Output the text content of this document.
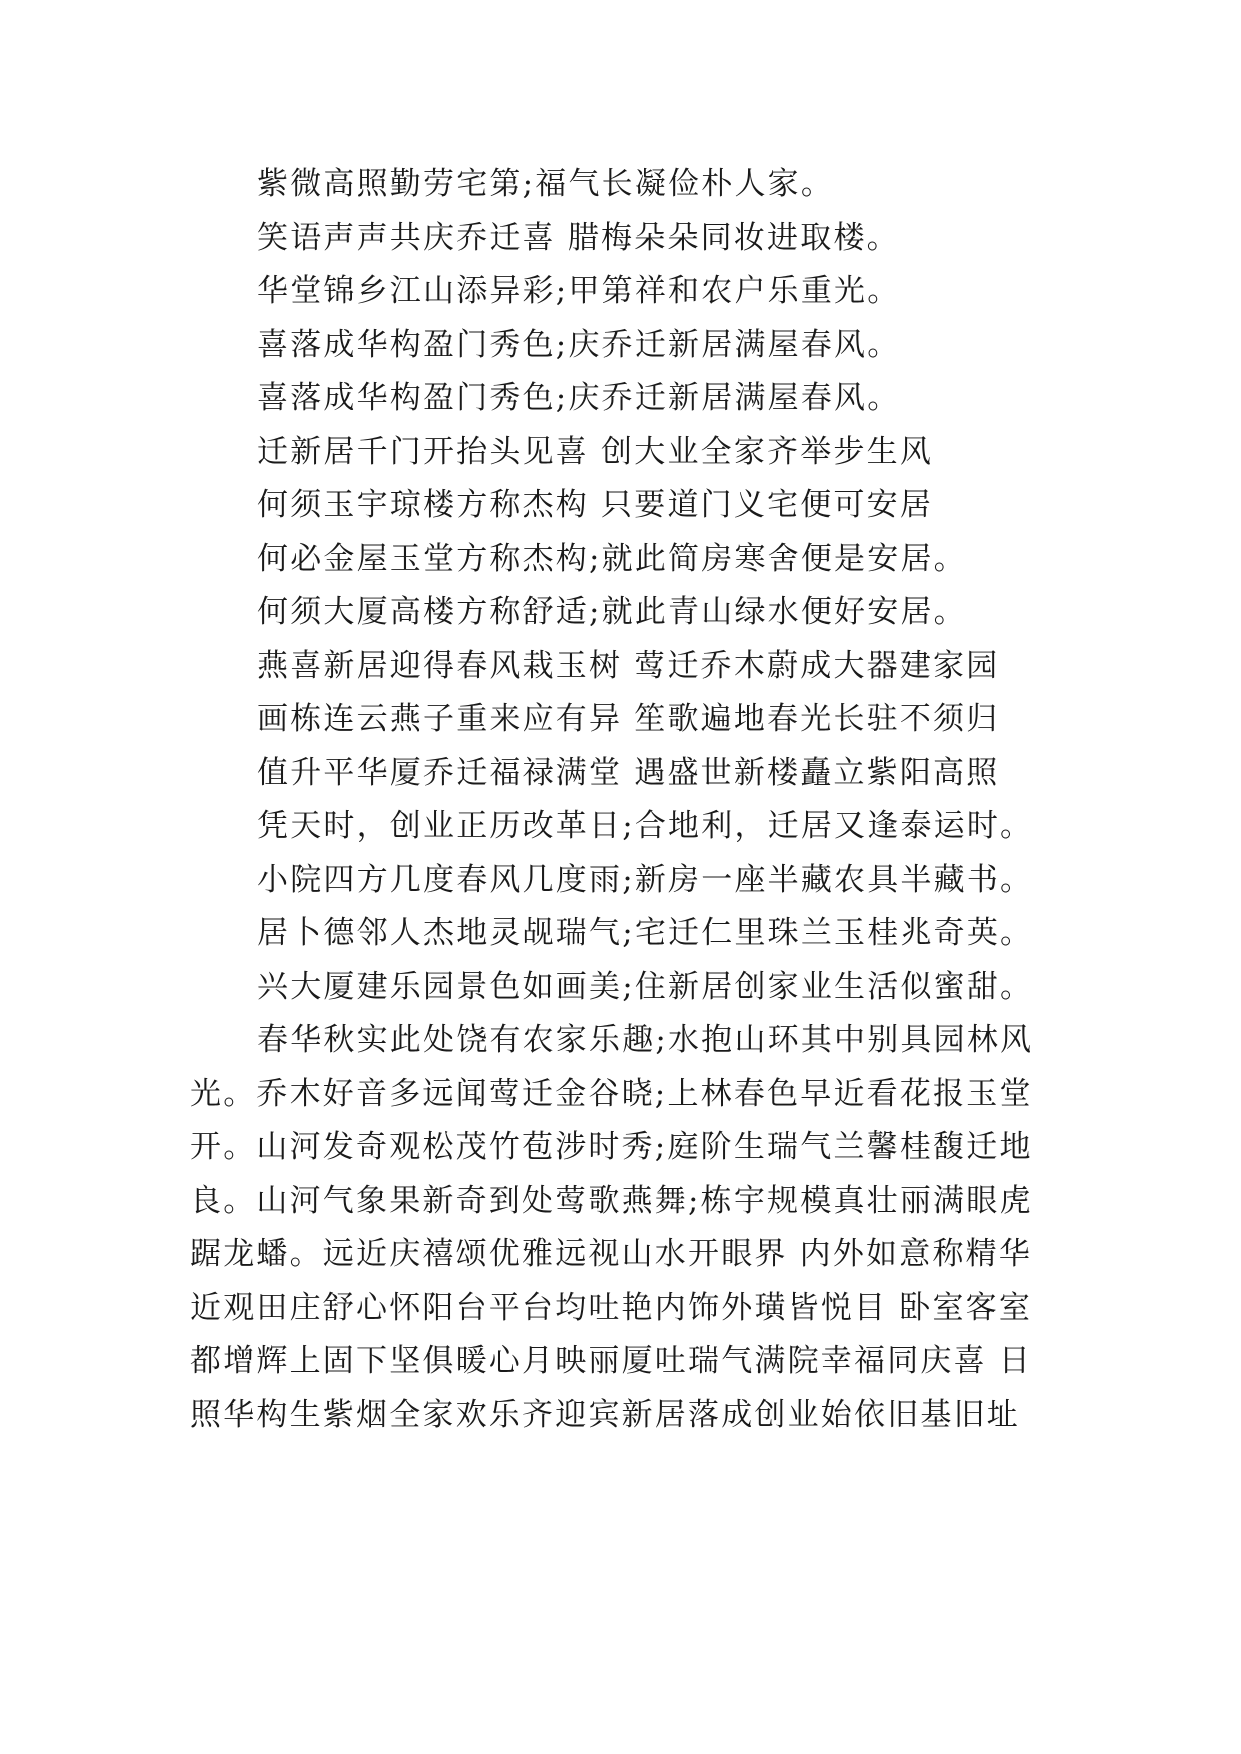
紫微高照勤劳宅第;福气长凝俭朴人家。
笑语声声共庆乔迁喜 腊梅朵朵同妆进取楼。
华堂锦乡江山添异彩;甲第祥和农户乐重光。
喜落成华构盈门秀色;庆乔迁新居满屋春风。
喜落成华构盈门秀色;庆乔迁新居满屋春风。
迁新居千门开抬头见喜 创大业全家齐举步生风
何须玉宇琼楼方称杰构 只要道门义宅便可安居
何必金屋玉堂方称杰构;就此简房寒舍便是安居。
何须大厦高楼方称舒适;就此青山绿水便好安居。
燕喜新居迎得春风栽玉树 莺迁乔木蔚成大器建家园
画栋连云燕子重来应有异 笙歌遍地春光长驻不须归
值升平华厦乔迁福禄满堂 遇盛世新楼矗立紫阳高照
凭天时，创业正历改革日;合地利，迁居又逢泰运时。
小院四方几度春风几度雨;新房一座半藏农具半藏书。
居卜德邻人杰地灵觇瑞气;宅迁仁里珠兰玉桂兆奇英。
兴大厦建乐园景色如画美;住新居创家业生活似蜜甜。
春华秋实此处饶有农家乐趣;水抱山环其中别具园林风
光。乔木好音多远闻莺迁金谷晓;上林春色早近看花报玉堂
开。山河发奇观松茂竹苞涉时秀;庭阶生瑞气兰馨桂馥迁地
良。山河气象果新奇到处莺歌燕舞;栋宇规模真壮丽满眼虎
踞龙蟠。远近庆禧颂优雅远视山水开眼界 内外如意称精华
近观田庄舒心怀阳台平台均吐艳内饰外璜皆悦目 卧室客室
都增辉上固下坚俱暖心月映丽厦吐瑞气满院幸福同庆喜 日
照华构生紫烟全家欢乐齐迎宾新居落成创业始依旧基旧址
